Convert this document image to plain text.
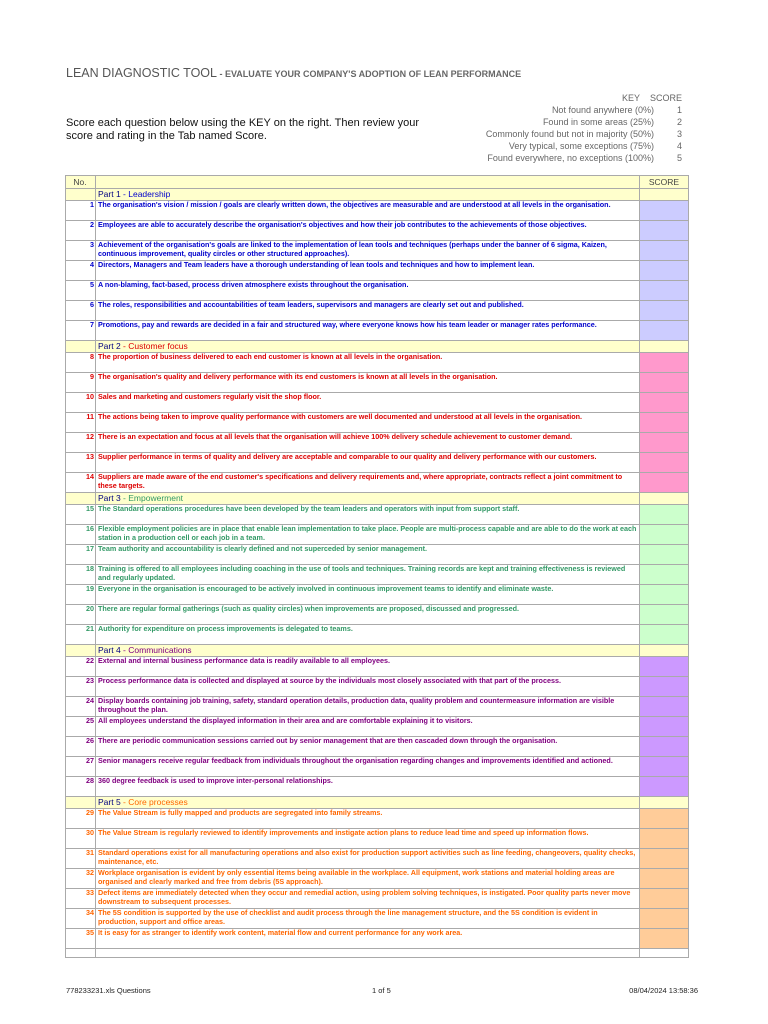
LEAN DIAGNOSTIC TOOL - EVALUATE YOUR COMPANY'S ADOPTION OF LEAN PERFORMANCE
Score each question below using the KEY on the right. Then review your score and rating in the Tab named Score.
KEY	SCORE
Not found anywhere (0%)	1
Found in some areas (25%)	2
Commonly found but not in majority (50%)	3
Very typical, some exceptions (75%)	4
Found everywhere, no exceptions (100%)	5
No.		SCORE
	Part 1 - Leadership	
1	The organisation's vision / mission / goals are clearly written down, the objectives are measurable and are understood at all levels in the organisation.	
2	Employees are able to accurately describe the organisation's objectives and how their job contributes to the achievements of those objectives.	
3	Achievement of the organisation's goals are linked to the implementation of lean tools and techniques (perhaps under the banner of 6 sigma, Kaizen, continuous improvement, quality circles or other structured approaches).	
4	Directors, Managers and Team leaders have a thorough understanding of lean tools and techniques and how to implement lean.	
5	A non-blaming, fact-based, process driven atmosphere exists throughout the organisation.	
6	The roles, responsibilities and accountabilities of team leaders, supervisors and managers are clearly set out and published.	
7	Promotions, pay and rewards are decided in a fair and structured way, where everyone knows how his team leader or manager rates performance.	
	Part 2 - Customer focus	
8	The proportion of business delivered to each end customer is known at all levels in the organisation.	
9	The organisation's quality and delivery performance with its end customers is known at all levels in the organisation.	
10	Sales and marketing and customers regularly visit the shop floor.	
11	The actions being taken to improve quality performance with customers are well documented and understood at all levels in the organisation.	
12	There is an expectation and focus at all levels that the organisation will achieve 100% delivery schedule achievement to customer demand.	
13	Supplier performance in terms of quality and delivery are acceptable and comparable to our quality and delivery performance with our customers.	
14	Suppliers are made aware of the end customer's specifications and delivery requirements and, where appropriate, contracts reflect a joint commitment to these targets.	
	Part 3 - Empowerment	
15	The Standard operations procedures have been developed by the team leaders and operators with input from support staff.	
16	Flexible employment policies are in place that enable lean implementation to take place. People are multi-process capable and are able to do the work at each station in a production cell or each job in a team.	
17	Team authority and accountability is clearly defined and not superceded by senior management.	
18	Training is offered to all employees including coaching in the use of tools and techniques. Training records are kept and training effectiveness is reviewed and regularly updated.	
19	Everyone in the organisation is encouraged to be actively involved in continuous improvement teams to identify and eliminate waste.	
20	There are regular formal gatherings (such as quality circles) when improvements are proposed, discussed and progressed.	
21	Authority for expenditure on process improvements is delegated to teams.	
	Part 4 - Communications	
22	External and internal business performance data is readily available to all employees.	
23	Process performance data is collected and displayed at source by the individuals most closely associated with that part of the process.	
24	Display boards containing job training, safety, standard operation details, production data, quality problem and countermeasure information are visible throughout the plan.	
25	All employees understand the displayed information in their area and are comfortable explaining it to visitors.	
26	There are periodic communication sessions carried out by senior management that are then cascaded down through the organisation.	
27	Senior managers receive regular feedback from individuals throughout the organisation regarding changes and improvements identified and actioned.	
28	360 degree feedback is used to improve inter-personal relationships.	
	Part 5 - Core processes	
29	The Value Stream is fully mapped and products are segregated into family streams.	
30	The Value Stream is regularly reviewed to identify improvements and instigate action plans to reduce lead time and speed up information flows.	
31	Standard operations exist for all manufacturing operations and also exist for production support activities such as line feeding, changeovers, quality checks, maintenance, etc.	
32	Workplace organisation is evident by only essential items being available in the workplace. All equipment, work stations and material holding areas are organised and clearly marked and free from debris (5S approach).	
33	Defect items are immediately detected when they occur and remedial action, using problem solving techniques, is instigated. Poor quality parts never move downstream to subsequent processes.	
34	The 5S condition is supported by the use of checklist and audit process through the line management structure, and the 5S condition is evident in production, support and office areas.	
35	It is easy for as stranger to identify work content, material flow and current performance for any work area.	

778233231.xls Questions	1 of 5	08/04/2024 13:58:36
